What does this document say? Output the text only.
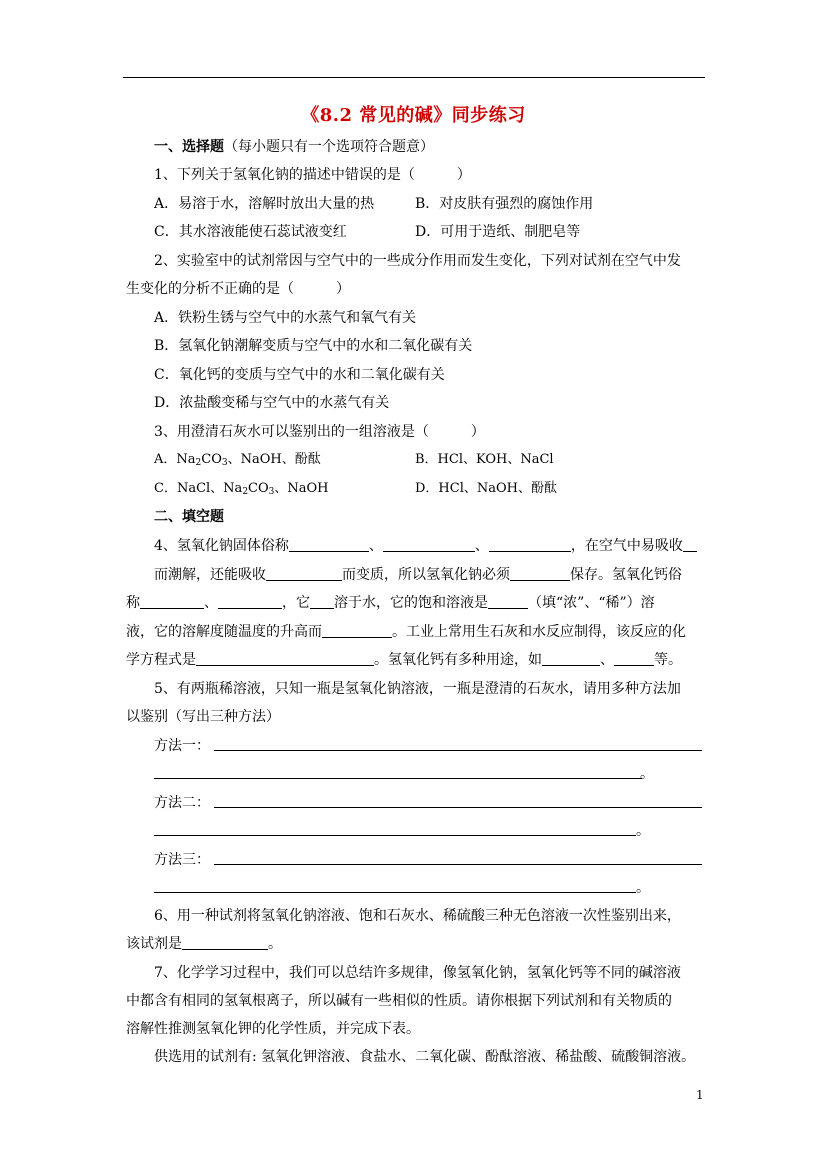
《8.2 常见的碱》同步练习
一、选择题（每小题只有一个选项符合题意）
1、下列关于氢氧化钠的描述中错误的是（　　　）
A．易溶于水，溶解时放出大量的热	B．对皮肤有强烈的腐蚀作用
C．其水溶液能使石蕊试液变红	D．可用于造纸、制肥皂等
2、实验室中的试剂常因与空气中的一些成分作用而发生变化，下列对试剂在空气中发
生变化的分析不正确的是（　　　）
A．铁粉生锈与空气中的水蒸气和氧气有关
B．氢氧化钠潮解变质与空气中的水和二氧化碳有关
C．氧化钙的变质与空气中的水和二氧化碳有关
D．浓盐酸变稀与空气中的水蒸气有关
3、用澄清石灰水可以鉴别出的一组溶液是（　　　）
A．$Na_2CO_3$、NaOH、酚酞	B．HCl、KOH、NaCl
C．NaCl、$Na_2CO_3$、NaOH	D．HCl、NaOH、酚酞
二、填空题
4、氢氧化钠固体俗称	、	、	，在空气中易吸收
而潮解，还能吸收	而变质，所以氢氧化钠必须	保存。氢氧化钙俗
称	、	，它 溶于水，它的饱和溶液是	（填“浓”、“稀”）溶
液，它的溶解度随温度的升高而	。工业上常用生石灰和水反应制得，该反应的化
学方程式是	。氢氧化钙有多种用途，如	、	等。
5、有两瓶稀溶液，只知一瓶是氢氧化钠溶液，一瓶是澄清的石灰水，请用多种方法加
以鉴别（写出三种方法）
方法一：
。
方法二：
。
方法三：
。
6、用一种试剂将氢氧化钠溶液、饱和石灰水、稀硫酸三种无色溶液一次性鉴别出来，
该试剂是	。
7、化学学习过程中，我们可以总结许多规律，像氢氧化钠，氢氧化钙等不同的碱溶液
中都含有相同的氢氧根离子，所以碱有一些相似的性质。请你根据下列试剂和有关物质的
溶解性推测氢氧化钾的化学性质，并完成下表。
供选用的试剂有: 氢氧化钾溶液、食盐水、二氧化碳、酚酞溶液、稀盐酸、硫酸铜溶液。
1
